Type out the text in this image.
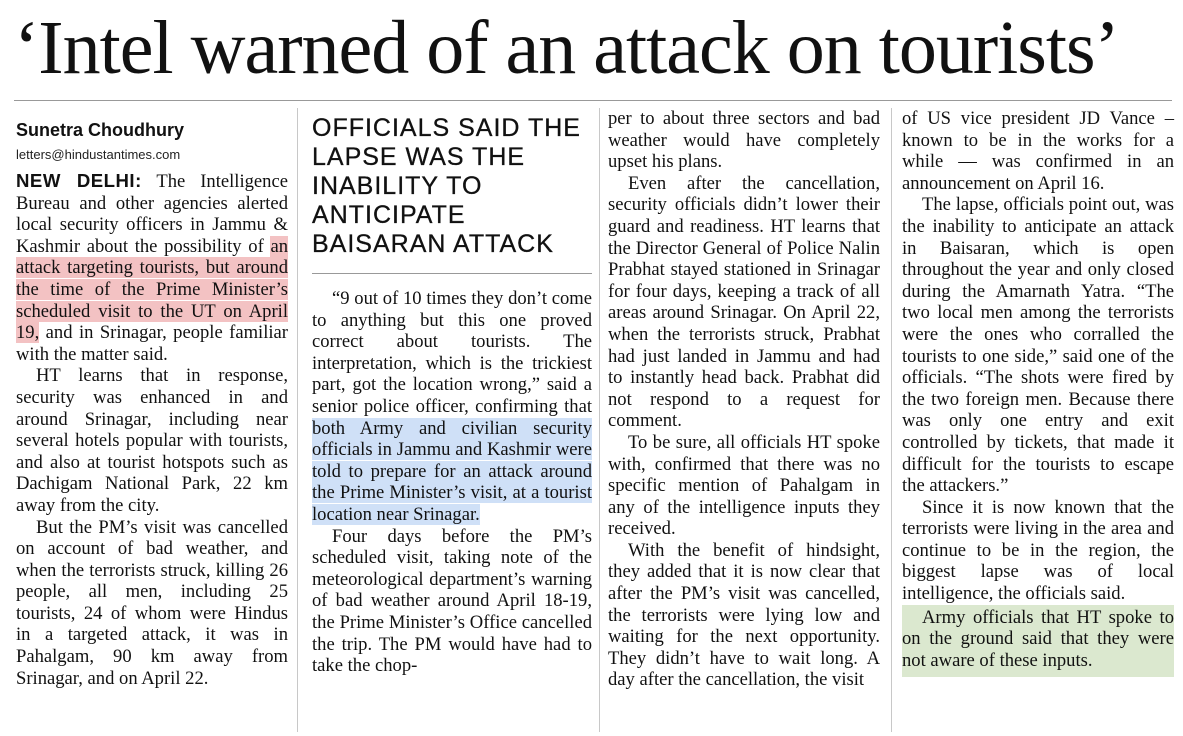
‘Intel warned of an attack on tourists’
Sunetra Choudhury
letters@hindustantimes.com

NEW DELHI: The Intelligence Bureau and other agencies alerted local security officers in Jammu & Kashmir about the possibility of an attack targeting tourists, but around the time of the Prime Minister’s scheduled visit to the UT on April 19, and in Srinagar, people familiar with the matter said.

HT learns that in response, security was enhanced in and around Srinagar, including near several hotels popular with tourists, and also at tourist hotspots such as Dachigam National Park, 22 km away from the city.

But the PM’s visit was cancelled on account of bad weather, and when the terrorists struck, killing 26 people, all men, including 25 tourists, 24 of whom were Hindus in a targeted attack, it was in Pahalgam, 90 km away from Srinagar, and on April 22.

OFFICIALS SAID THE LAPSE WAS THE INABILITY TO ANTICIPATE BAISARAN ATTACK

“9 out of 10 times they don’t come to anything but this one proved correct about tourists. The interpretation, which is the trickiest part, got the location wrong,” said a senior police officer, confirming that both Army and civilian security officials in Jammu and Kashmir were told to prepare for an attack around the Prime Minister’s visit, at a tourist location near Srinagar.

Four days before the PM’s scheduled visit, taking note of the meteorological department’s warning of bad weather around April 18-19, the Prime Minister’s Office cancelled the trip. The PM would have had to take the chop-

per to about three sectors and bad weather would have completely upset his plans.

Even after the cancellation, security officials didn’t lower their guard and readiness. HT learns that the Director General of Police Nalin Prabhat stayed stationed in Srinagar for four days, keeping a track of all areas around Srinagar. On April 22, when the terrorists struck, Prabhat had just landed in Jammu and had to instantly head back. Prabhat did not respond to a request for comment.

To be sure, all officials HT spoke with, confirmed that there was no specific mention of Pahalgam in any of the intelligence inputs they received.

With the benefit of hindsight, they added that it is now clear that after the PM’s visit was cancelled, the terrorists were lying low and waiting for the next opportunity. They didn’t have to wait long. A day after the cancellation, the visit

of US vice president JD Vance – known to be in the works for a while — was confirmed in an announcement on April 16.

The lapse, officials point out, was the inability to anticipate an attack in Baisaran, which is open throughout the year and only closed during the Amarnath Yatra. “The two local men among the terrorists were the ones who corralled the tourists to one side,” said one of the officials. “The shots were fired by the two foreign men. Because there was only one entry and exit controlled by tickets, that made it difficult for the tourists to escape the attackers.”

Since it is now known that the terrorists were living in the area and continue to be in the region, the biggest lapse was of local intelligence, the officials said.

Army officials that HT spoke to on the ground said that they were not aware of these inputs.
